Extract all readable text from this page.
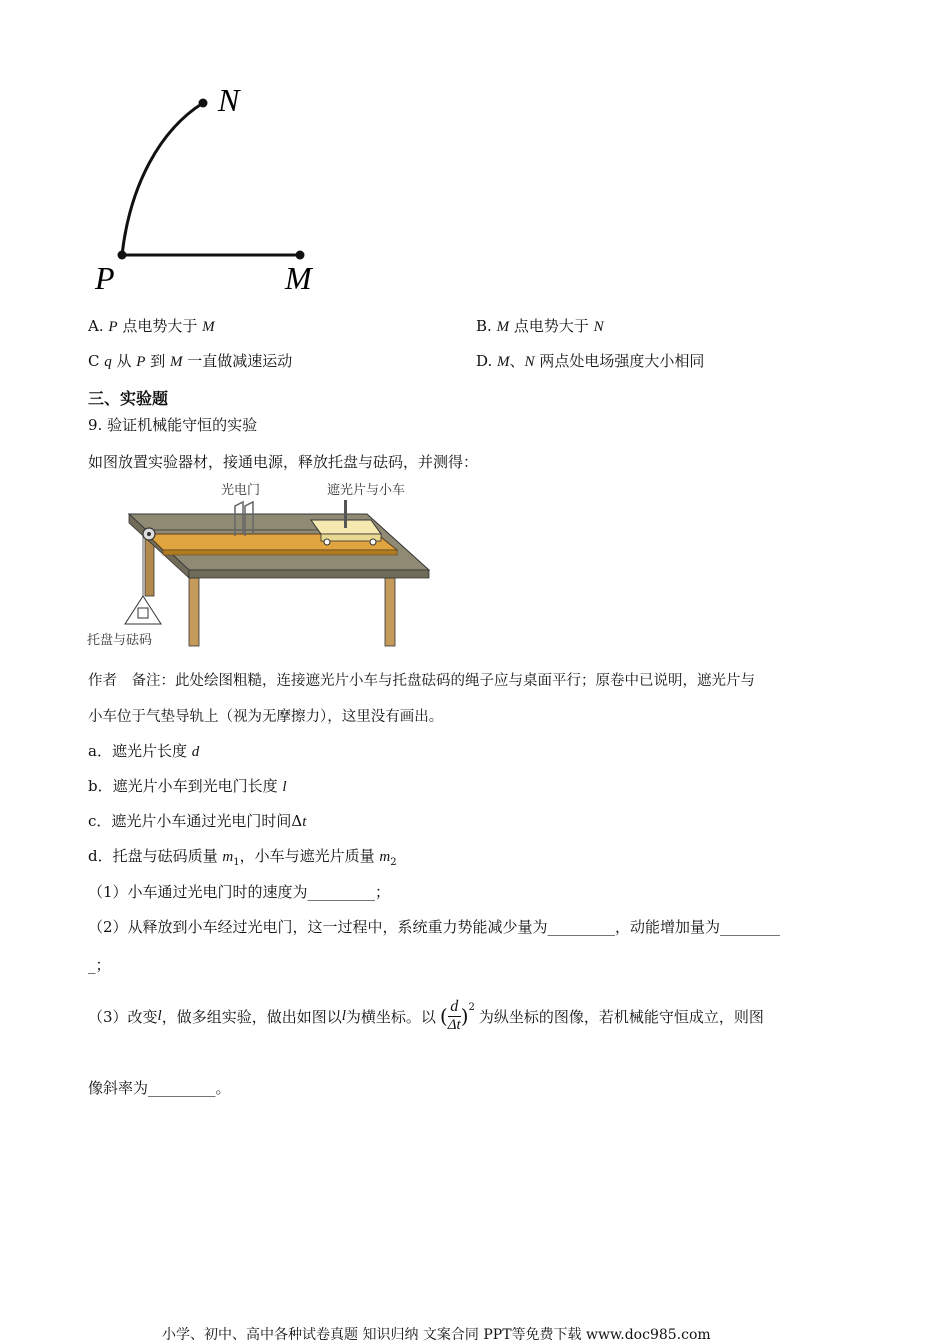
N
P	M
A. P 点电势大于 M	B. M 点电势大于 N
C q 从 P 到 M 一直做减速运动	D. M、N 两点处电场强度大小相同
三、实验题
9. 验证机械能守恒的实验
如图放置实验器材，接通电源，释放托盘与砝码，并测得：
光电门	遮光片与小车
托盘与砝码
作者　备注：此处绘图粗糙，连接遮光片小车与托盘砝码的绳子应与桌面平行；原卷中已说明，遮光片与
小车位于气垫导轨上（视为无摩擦力），这里没有画出。
a．遮光片长度 d
b．遮光片小车到光电门长度 l
c．遮光片小车通过光电门时间Δt
d．托盘与砝码质量 $m_1$，小车与遮光片质量 $m_2$
（1）小车通过光电门时的速度为_________；
（2）从释放到小车经过光电门，这一过程中，系统重力势能减少量为_________，动能增加量为________
_；
（3）改变 l ，做多组实验，做出如图以 l 为横坐标。以 ( $\frac{d}{\Delta t} )^2$ 为纵坐标的图像，若机械能守恒成立，则图
像斜率为_________。
小学、初中、高中各种试卷真题 知识归纳 文案合同 PPT等免费下载 www.doc985.com
